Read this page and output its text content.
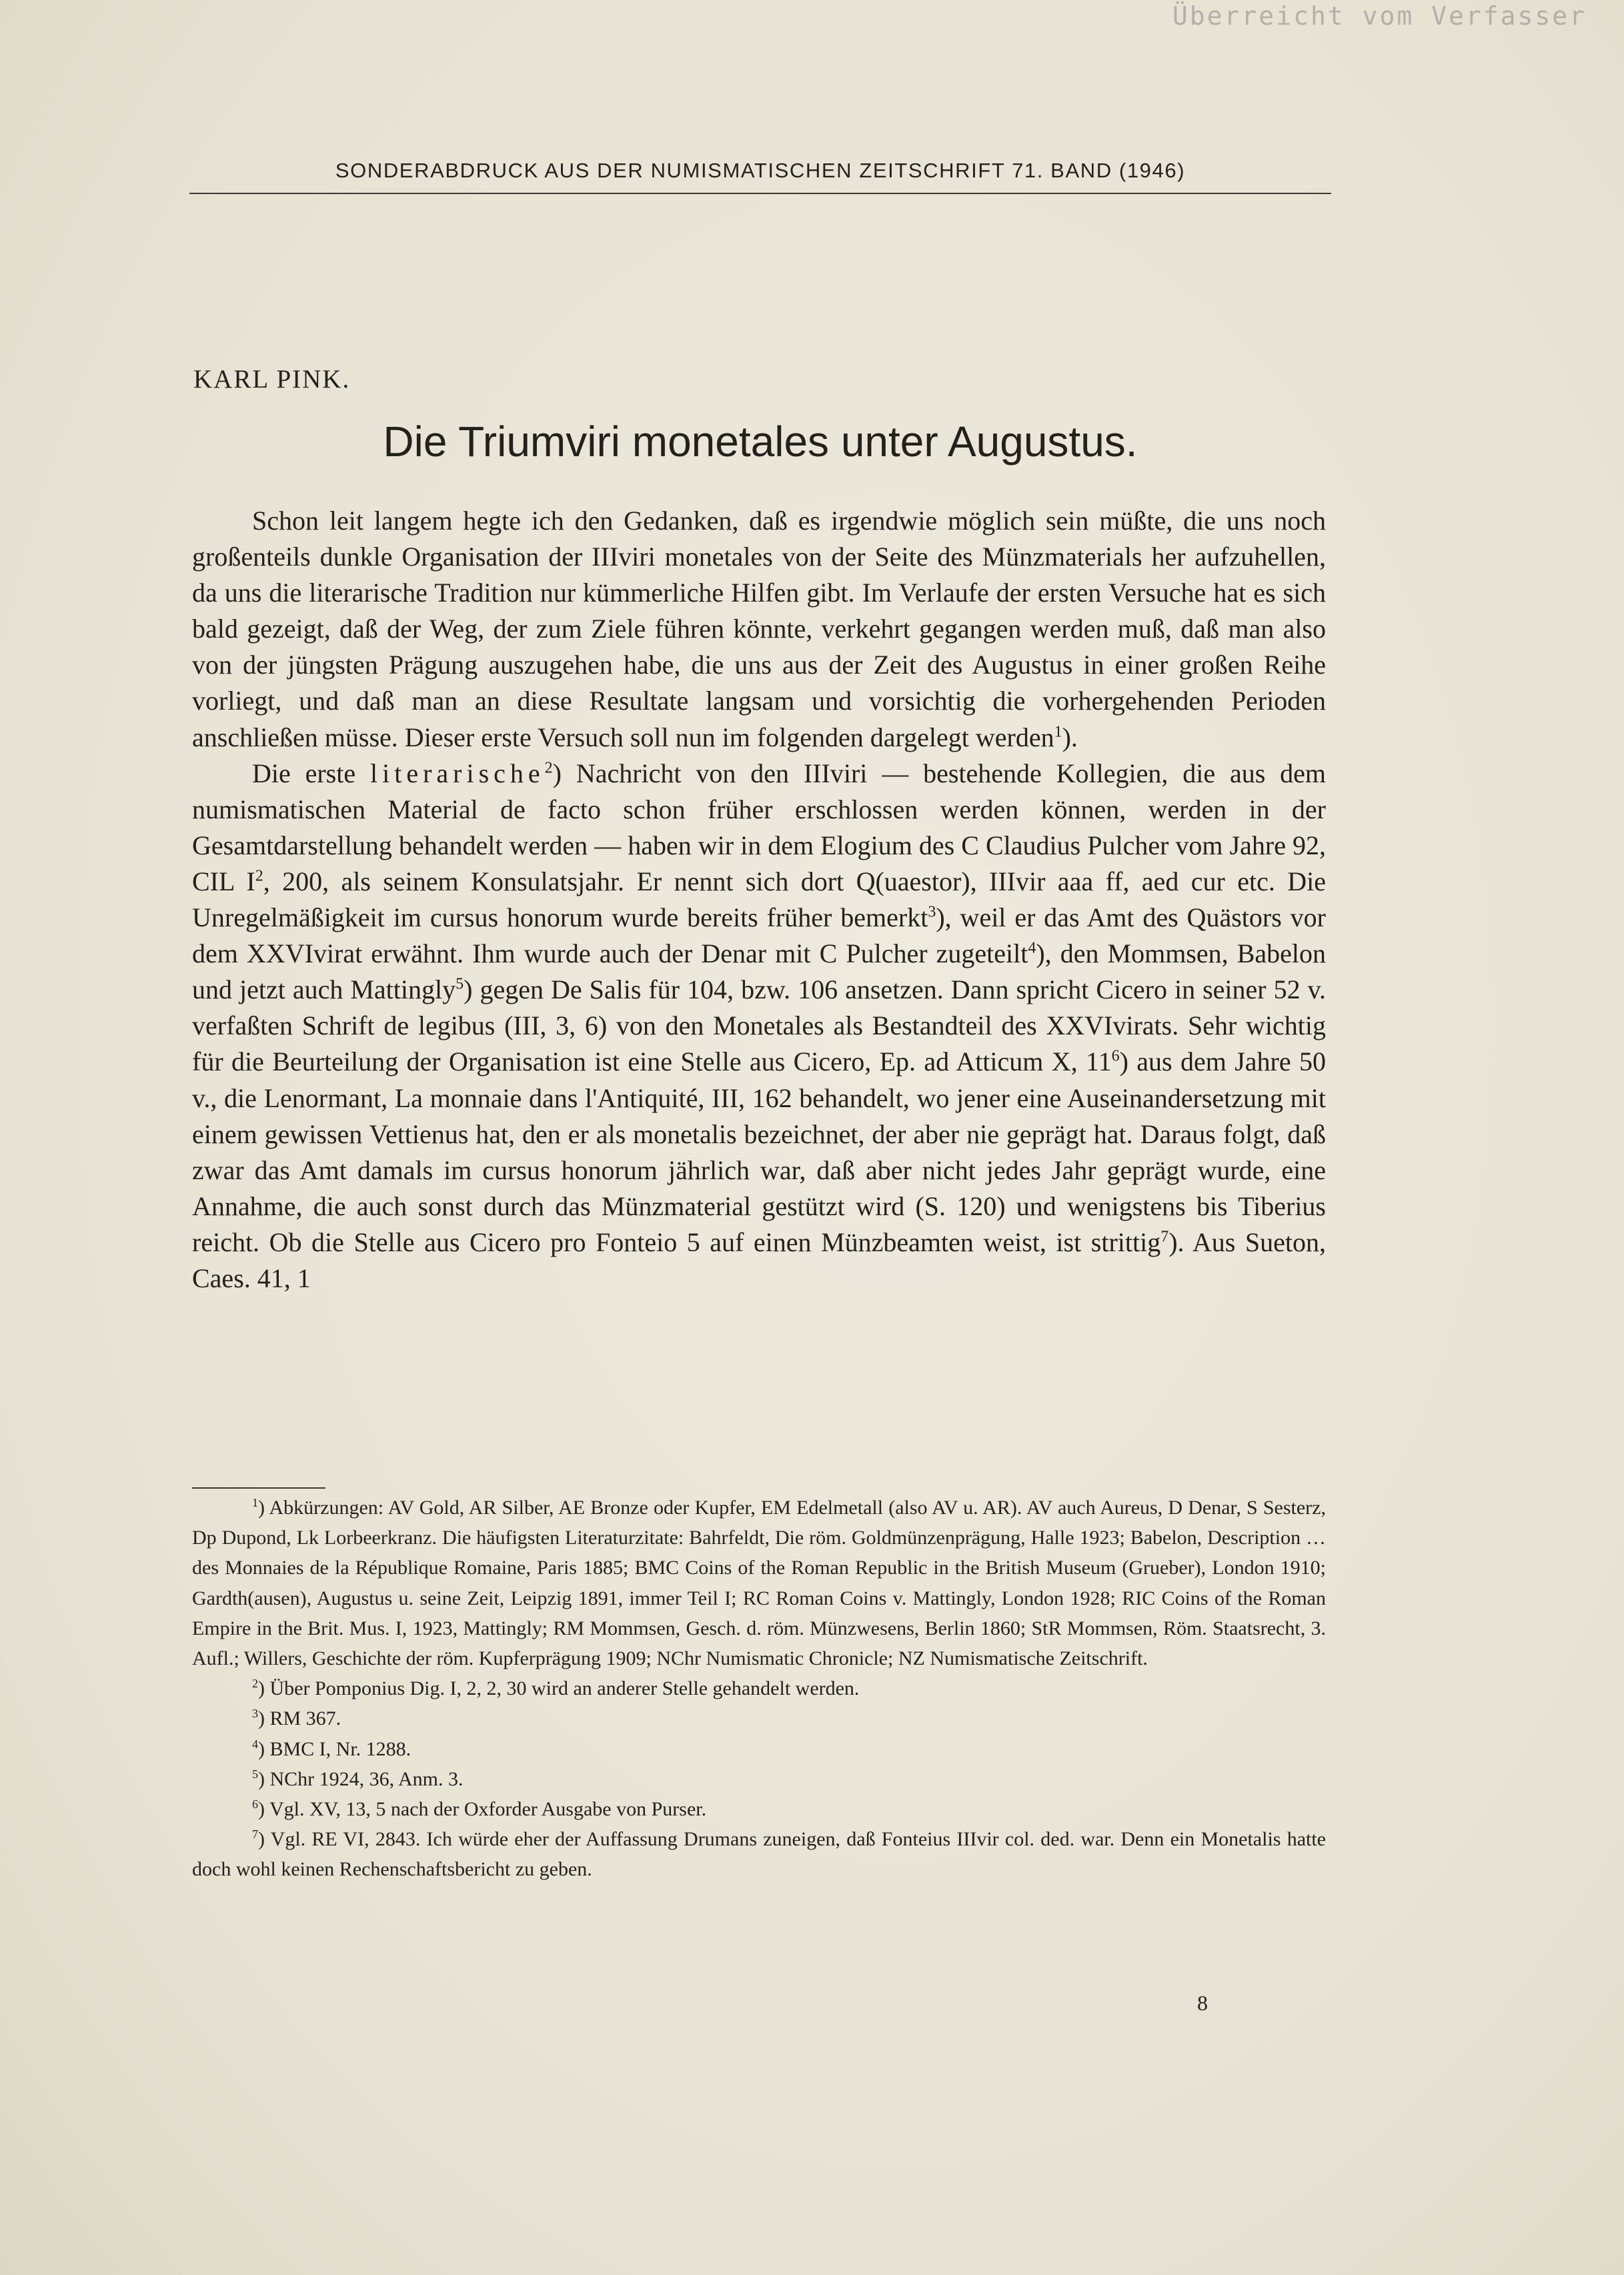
Überreicht vom Verfasser
SONDERABDRUCK AUS DER NUMISMATISCHEN ZEITSCHRIFT 71. BAND (1946)
KARL PINK.
Die Triumviri monetales unter Augustus.

Schon leit langem hegte ich den Gedanken, daß es irgendwie möglich sein müßte, die uns noch großenteils dunkle Organisation der IIIviri monetales von der Seite des Münzmaterials her aufzuhellen, da uns die literarische Tradition nur kümmerliche Hilfen gibt. Im Verlaufe der ersten Versuche hat es sich bald gezeigt, daß der Weg, der zum Ziele führen könnte, verkehrt gegangen werden muß, daß man also von der jüngsten Prägung auszugehen habe, die uns aus der Zeit des Augustus in einer großen Reihe vorliegt, und daß man an diese Resultate langsam und vorsichtig die vorhergehenden Perioden anschließen müsse. Dieser erste Versuch soll nun im folgenden dargelegt werden$^1$).

Die erste literarische$^2$) Nachricht von den IIIviri — bestehende Kollegien, die aus dem numismatischen Material de facto schon früher erschlossen werden können, werden in der Gesamtdarstellung behandelt werden — haben wir in dem Elogium des C Claudius Pulcher vom Jahre 92, CIL $I^2$, 200, als seinem Konsulatsjahr. Er nennt sich dort Q(uaestor), IIIvir aaa ff, aed cur etc. Die Unregelmäßigkeit im cursus honorum wurde bereits früher bemerkt$^3$), weil er das Amt des Quästors vor dem XXVIvirat erwähnt. Ihm wurde auch der Denar mit C Pulcher zugeteilt$^4$), den Mommsen, Babelon und jetzt auch Mattingly$^5$) gegen De Salis für 104, bzw. 106 ansetzen. Dann spricht Cicero in seiner 52 v. verfaßten Schrift de legibus (III, 3, 6) von den Monetales als Bestandteil des XXVIvirats. Sehr wichtig für die Beurteilung der Organisation ist eine Stelle aus Cicero, Ep. ad Atticum X, $11^6$) aus dem Jahre 50 v., die Lenormant, La monnaie dans l'Antiquité, III, 162 behandelt, wo jener eine Auseinandersetzung mit einem gewissen Vettienus hat, den er als monetalis bezeichnet, der aber nie geprägt hat. Daraus folgt, daß zwar das Amt damals im cursus honorum jährlich war, daß aber nicht jedes Jahr geprägt wurde, eine Annahme, die auch sonst durch das Münzmaterial gestützt wird (S. 120) und wenigstens bis Tiberius reicht. Ob die Stelle aus Cicero pro Fonteio 5 auf einen Münzbeamten weist, ist strittig$^7$). Aus Sueton, Caes. 41, 1

$^1$) Abkürzungen: AV Gold, AR Silber, AE Bronze oder Kupfer, EM Edelmetall (also AV u. AR). AV auch Aureus, D Denar, S Sesterz, Dp Dupond, Lk Lorbeerkranz. Die häufigsten Literaturzitate: Bahrfeldt, Die röm. Goldmünzenprägung, Halle 1923; Babelon, Description … des Monnaies de la République Romaine, Paris 1885; BMC Coins of the Roman Republic in the British Museum (Grueber), London 1910; Gardth(ausen), Augustus u. seine Zeit, Leipzig 1891, immer Teil I; RC Roman Coins v. Mattingly, London 1928; RIC Coins of the Roman Empire in the Brit. Mus. I, 1923, Mattingly; RM Mommsen, Gesch. d. röm. Münzwesens, Berlin 1860; StR Mommsen, Röm. Staatsrecht, 3. Aufl.; Willers, Geschichte der röm. Kupferprägung 1909; NChr Numismatic Chronicle; NZ Numismatische Zeitschrift.

$^2$) Über Pomponius Dig. I, 2, 2, 30 wird an anderer Stelle gehandelt werden.

$^3$) RM 367.

$^4$) BMC I, Nr. 1288.

$^5$) NChr 1924, 36, Anm. 3.

$^6$) Vgl. XV, 13, 5 nach der Oxforder Ausgabe von Purser.

$^7$) Vgl. RE VI, 2843. Ich würde eher der Auffassung Drumans zuneigen, daß Fonteius IIIvir col. ded. war. Denn ein Monetalis hatte doch wohl keinen Rechenschaftsbericht zu geben.

8
